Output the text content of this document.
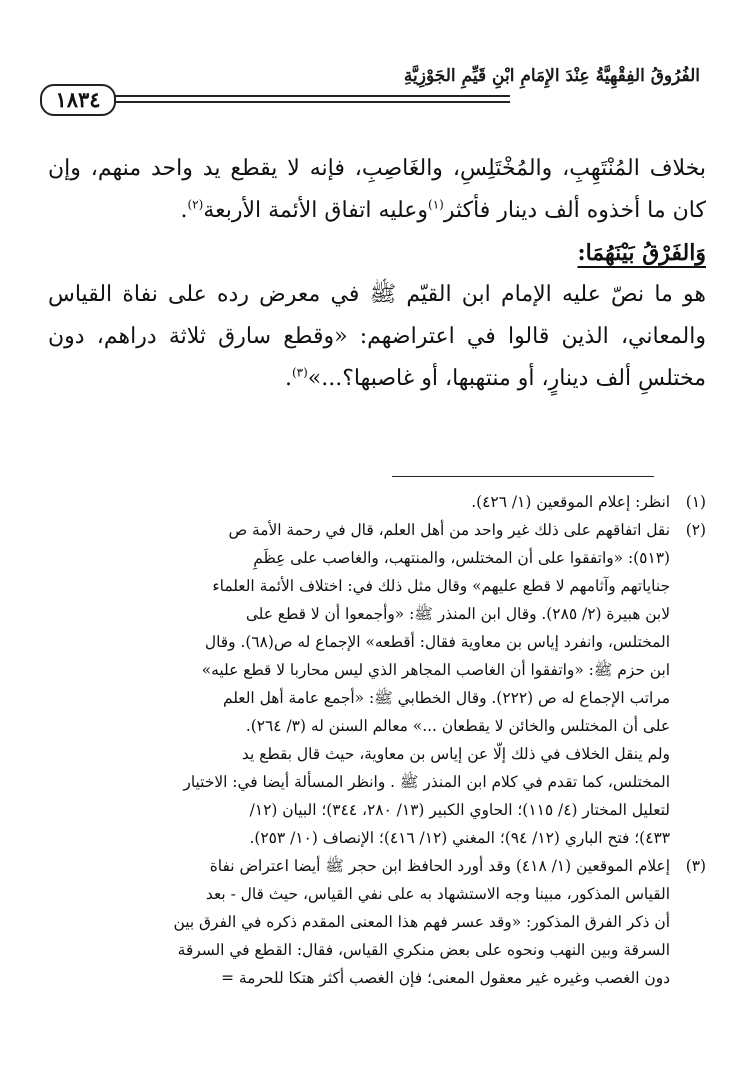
الفُرُوقُ الفِقْهِيَّةُ عِنْدَ الإِمَامِ ابْنِ قَيِّمِ الجَوْزِيَّةِ
١٨٣٤

بخلاف المُنْتَهِبِ، والمُخْتَلِسِ، والغَاصِبِ، فإنه لا يقطع يد واحد منهم، وإن كان ما أخذوه ألف دينار فأكثر$^{(١)}$وعليه اتفاق الأئمة الأربعة$^{(٢)}$.

وَالفَرْقُ بَيْنَهُمَا:

هو ما نصّ عليه الإمام ابن القيّم ﷺ في معرض رده على نفاة القياس والمعاني، الذين قالوا في اعتراضهم: «وقطع سارق ثلاثة دراهم، دون مختلسِ ألف دينارٍ، أو منتهبها، أو غاصبها؟...»$^{(٣)}$.

(١)
انظر: إعلام الموقعين (١/ ٤٢٦).
(٢)
نقل اتفاقهم على ذلك غير واحد من أهل العلم، قال في رحمة الأمة ص
(٥١٣): «واتفقوا على أن المختلس، والمنتهب، والغاصب على عِظَمِ
جناياتهم وآثامهم لا قطع عليهم» وقال مثل ذلك في: اختلاف الأئمة العلماء
لابن هبيرة (٢/ ٢٨٥). وقال ابن المنذر ﷺ: «وأجمعوا أن لا قطع على
المختلس، وانفرد إياس بن معاوية فقال: أقطعه» الإجماع له ص(٦٨). وقال
ابن حزم ﷺ: «واتفقوا أن الغاصب المجاهر الذي ليس محاربا لا قطع عليه»
مراتب الإجماع له ص (٢٢٢). وقال الخطابي ﷺ: «أجمع عامة أهل العلم
على أن المختلس والخائن لا يقطعان ...» معالم السنن له (٣/ ٢٦٤).
ولم ينقل الخلاف في ذلك إلّا عن إياس بن معاوية، حيث قال بقطع يد
المختلس، كما تقدم في كلام ابن المنذر ﷺ . وانظر المسألة أيضا في: الاختيار
لتعليل المختار (٤/ ١١٥)؛ الحاوي الكبير (١٣/ ٢٨٠، ٣٤٤)؛ البيان (١٢/
٤٣٣)؛ فتح الباري (١٢/ ٩٤)؛ المغني (١٢/ ٤١٦)؛ الإنصاف (١٠/ ٢٥٣).
(٣)
إعلام الموقعين (١/ ٤١٨) وقد أورد الحافظ ابن حجر ﷺ أيضا اعتراض نفاة
القياس المذكور، مبينا وجه الاستشهاد به على نفي القياس، حيث قال - بعد
أن ذكر الفرق المذكور: «وقد عسر فهم هذا المعنى المقدم ذكره في الفرق بين
السرقة وبين النهب ونحوه على بعض منكري القياس، فقال: القطع في السرقة
دون الغصب وغيره غير معقول المعنى؛ فإن الغصب أكثر هتكا للحرمة =
